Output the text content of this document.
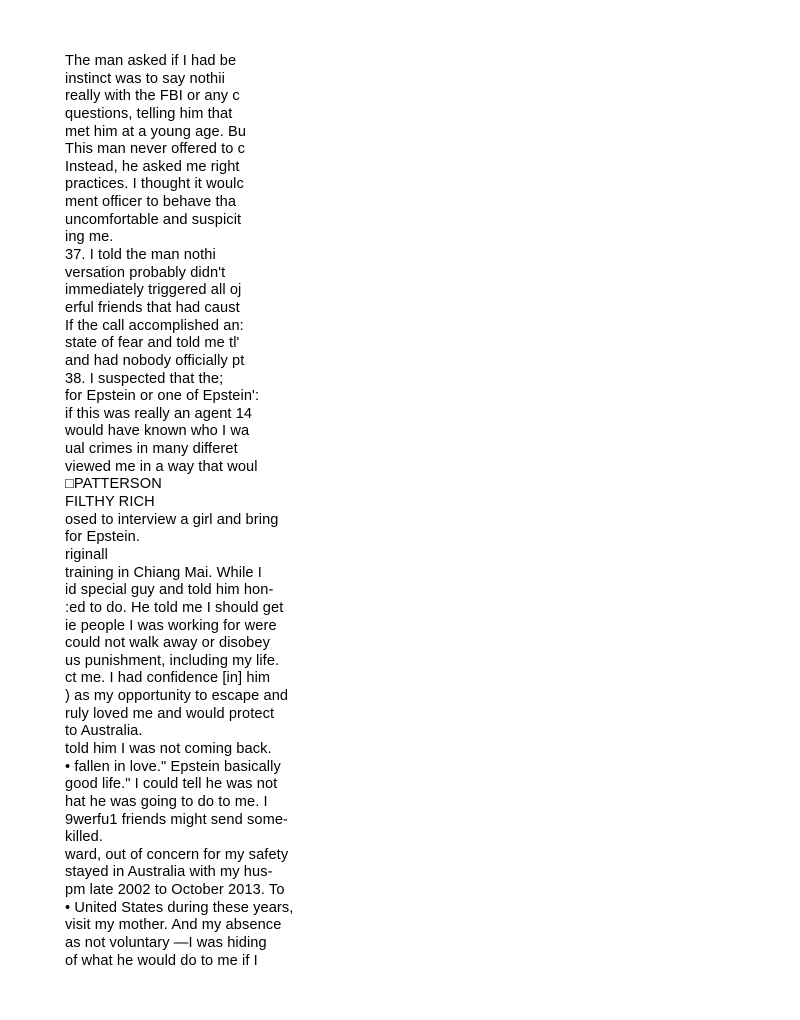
The man asked if I had be
instinct was to say nothii
really with the FBI or any c
questions, telling him that
met him at a young age. Bu
This man never offered to c
Instead, he asked me right
practices. I thought it woulc
ment officer to behave tha
uncomfortable and suspicit
ing me.
37. I told the man nothi
versation probably didn't
immediately triggered all oj
erful friends that had caust
If the call accomplished an:
state of fear and told me tl'
and had nobody officially pt
38. I suspected that the;
for Epstein or one of Epstein':
if this was really an agent 14
would have known who I wa
ual crimes in many differet
viewed me in a way that woul
□PATTERSON
FILTHY RICH
osed to interview a girl and bring
for Epstein.
riginall
training in Chiang Mai. While I
id special guy and told him hon-
:ed to do. He told me I should get
ie people I was working for were
could not walk away or disobey
us punishment, including my life.
ct me. I had confidence [in] him
) as my opportunity to escape and
ruly loved me and would protect
to Australia.
told him I was not coming back.
• fallen in love." Epstein basically
good life." I could tell he was not
hat he was going to do to me. I
9werfu1 friends might send some-
killed.
ward, out of concern for my safety
stayed in Australia with my hus-
pm late 2002 to October 2013. To
• United States during these years,
visit my mother. And my absence
as not voluntary —I was hiding
of what he would do to me if I
